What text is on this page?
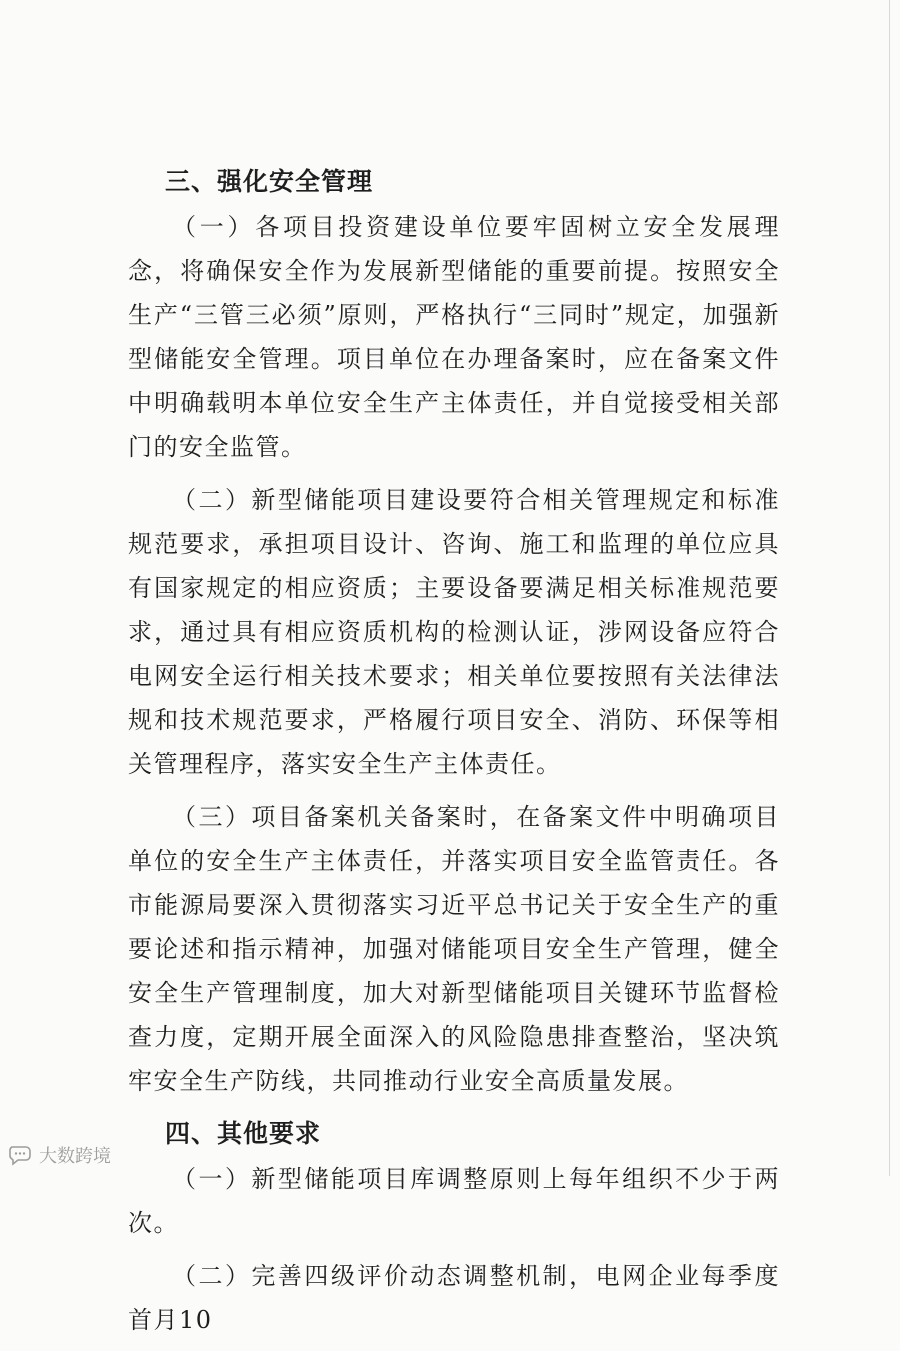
三、强化安全管理

（一）各项目投资建设单位要牢固树立安全发展理念，将确保安全作为发展新型储能的重要前提。按照安全生产“三管三必须”原则，严格执行“三同时”规定，加强新型储能安全管理。项目单位在办理备案时，应在备案文件中明确载明本单位安全生产主体责任，并自觉接受相关部门的安全监管。

（二）新型储能项目建设要符合相关管理规定和标准规范要求，承担项目设计、咨询、施工和监理的单位应具有国家规定的相应资质；主要设备要满足相关标准规范要求，通过具有相应资质机构的检测认证，涉网设备应符合电网安全运行相关技术要求；相关单位要按照有关法律法规和技术规范要求，严格履行项目安全、消防、环保等相关管理程序，落实安全生产主体责任。

（三）项目备案机关备案时，在备案文件中明确项目单位的安全生产主体责任，并落实项目安全监管责任。各市能源局要深入贯彻落实习近平总书记关于安全生产的重要论述和指示精神，加强对储能项目安全生产管理，健全安全生产管理制度，加大对新型储能项目关键环节监督检查力度，定期开展全面深入的风险隐患排查整治，坚决筑牢安全生产防线，共同推动行业安全高质量发展。

四、其他要求

（一）新型储能项目库调整原则上每年组织不少于两次。

（二）完善四级评价动态调整机制，电网企业每季度首月10

大数跨境
